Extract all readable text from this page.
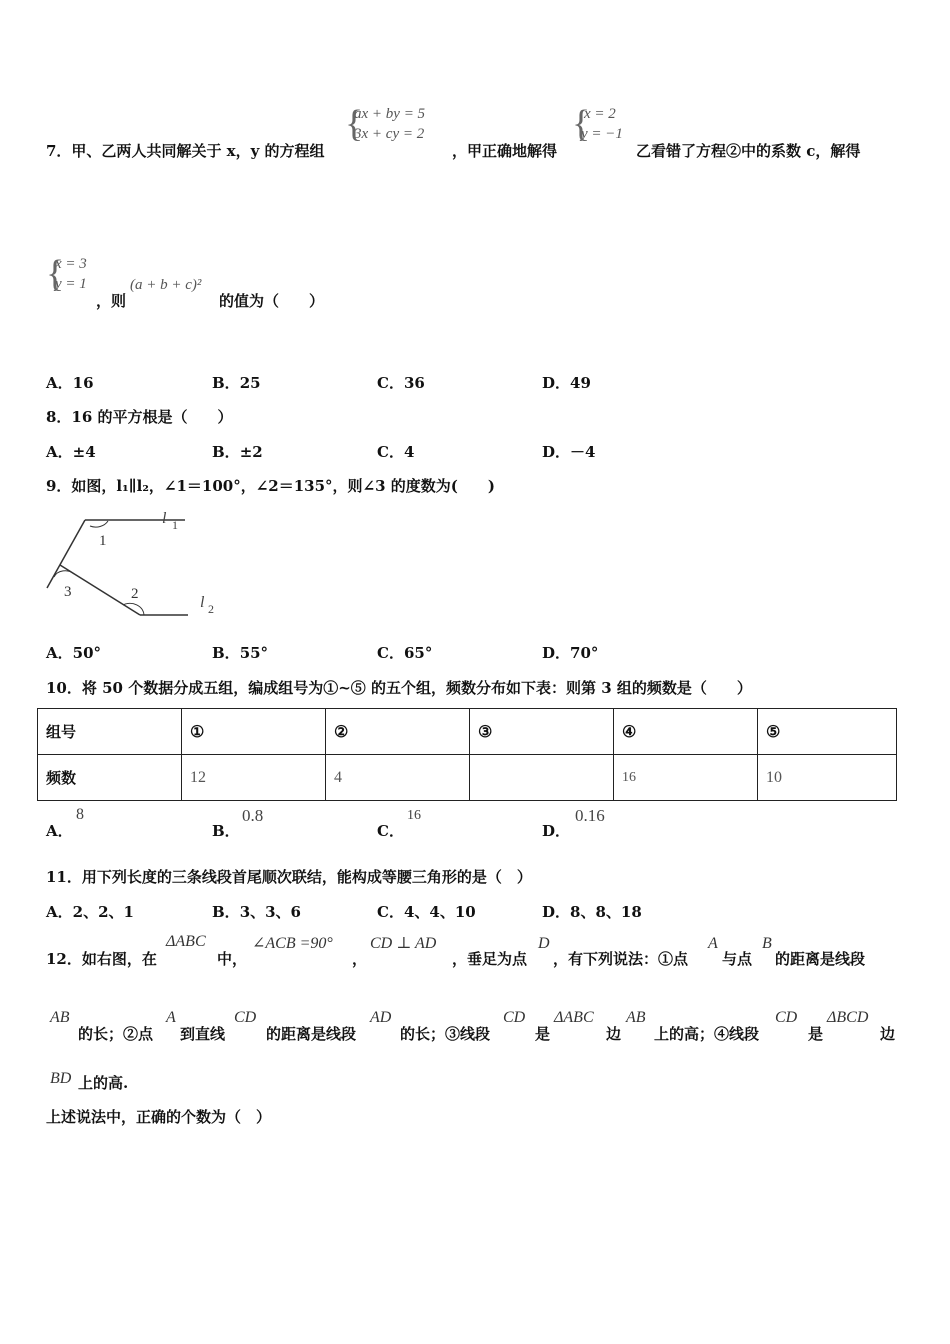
7．甲、乙两人共同解关于 x，y 的方程组
{
ax + by = 5
3x + cy = 2
，甲正确地解得
{
x = 2
y = −1
乙看错了方程②中的系数 c，解得
{
x = 3
y = 1
，则
(a + b + c)²
的值为（　　）
A．16	B．25	C．36	D．49
8．16 的平方根是（　　）
A．±4	B．±2	C．4	D．－4
9．如图，l₁∥l₂，∠1＝100°，∠2＝135°，则∠3 的度数为(　　)
1
3	2
l 1
l 2
A．50°	B．55°	C．65°	D．70°
10．将 50 个数据分成五组，编成组号为①~⑤ 的五个组，频数分布如下表：则第 3 组的频数是（　　）
组号	①	②	③	④	⑤
频数	12	4		16	10
A．
8
B．
0.8
C．
16
D．
0.16
11．用下列长度的三条线段首尾顺次联结，能构成等腰三角形的是（　）
A．2、2、1	B．3、3、6	C．4、4、10	D．8、8、18
12．如右图，在
ΔABC
中，
∠ACB =90°
，
CD ⊥ AD
，垂足为点
D
，有下列说法：①点
A
与点
B
的距离是线段
AB
的长；②点
A
到直线
CD
的距离是线段
AD
的长；③线段
CD
是
ΔABC
边
AB
上的高；④线段
CD
是
ΔBCD
边
BD 上的高.
上述说法中，正确的个数为（　）
